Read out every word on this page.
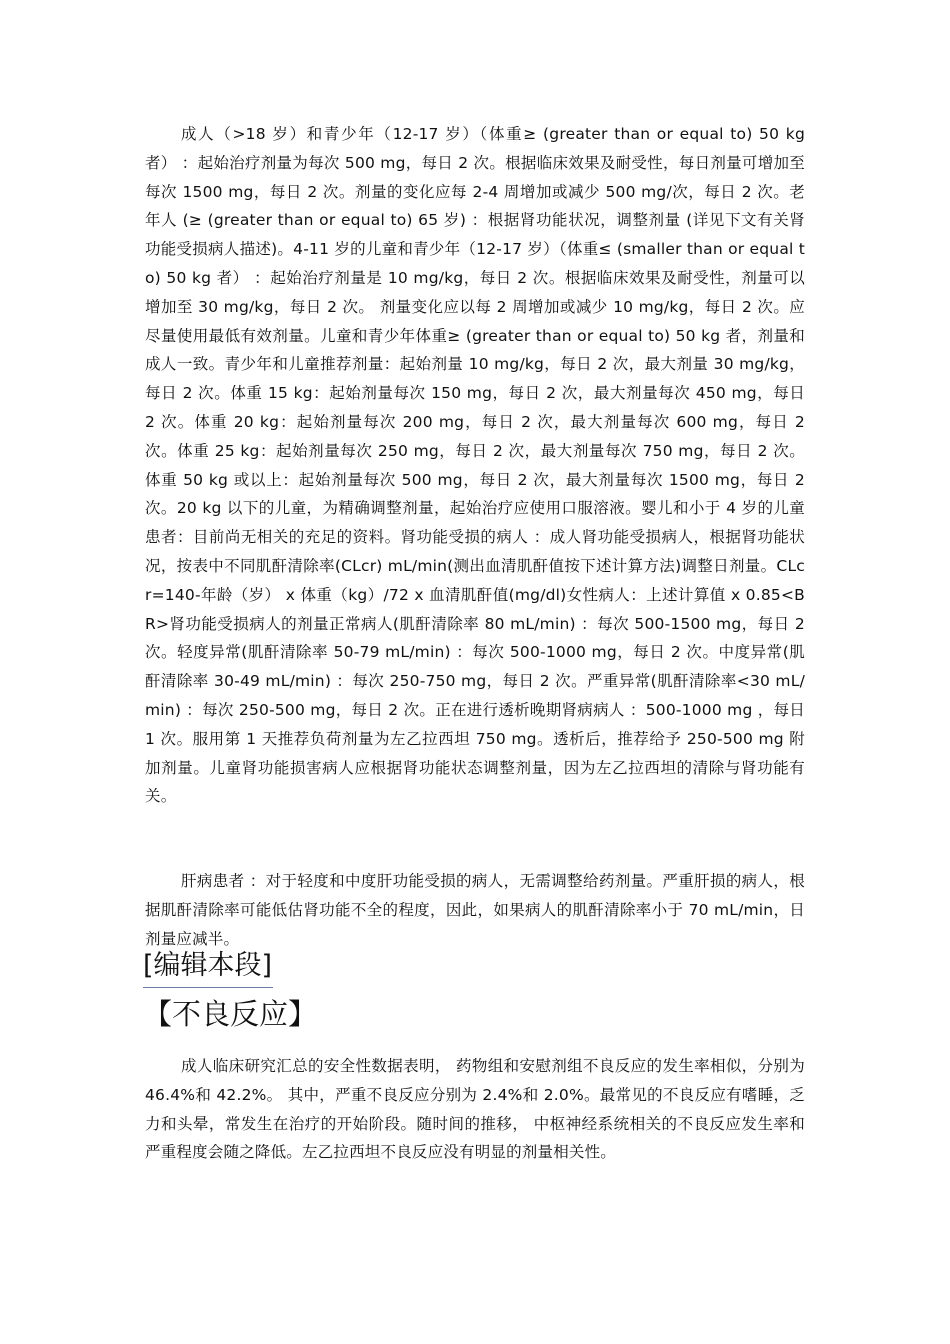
成人（>18 岁）和青少年（12-17 岁）（体重≥ (greater than or equal to) 50 kg 者） ：起始治疗剂量为每次 500 mg，每日 2 次。根据临床效果及耐受性，每日剂量可增加至每次 1500 mg，每日 2 次。剂量的变化应每 2-4 周增加或减少 500 mg/次，每日 2 次。老年人 (≥ (greater than or equal to) 65 岁) ：根据肾功能状况，调整剂量 (详见下文有关肾功能受损病人描述)。4-11 岁的儿童和青少年（12-17 岁）（体重≤ (smaller than or equal to) 50 kg 者） ：起始治疗剂量是 10 mg/kg，每日 2 次。根据临床效果及耐受性，剂量可以增加至 30 mg/kg，每日 2 次。 剂量变化应以每 2 周增加或减少 10 mg/kg，每日 2 次。应尽量使用最低有效剂量。儿童和青少年体重≥ (greater than or equal to) 50 kg 者，剂量和成人一致。青少年和儿童推荐剂量：起始剂量 10 mg/kg，每日 2 次，最大剂量 30 mg/kg，每日 2 次。体重 15 kg：起始剂量每次 150 mg，每日 2 次，最大剂量每次 450 mg，每日 2 次。体重 20 kg：起始剂量每次 200 mg，每日 2 次，最大剂量每次 600 mg，每日 2 次。体重 25 kg：起始剂量每次 250 mg，每日 2 次，最大剂量每次 750 mg，每日 2 次。体重 50 kg 或以上：起始剂量每次 500 mg，每日 2 次，最大剂量每次 1500 mg，每日 2 次。20 kg 以下的儿童，为精确调整剂量，起始治疗应使用口服溶液。婴儿和小于 4 岁的儿童患者：目前尚无相关的充足的资料。肾功能受损的病人 ：成人肾功能受损病人，根据肾功能状况，按表中不同肌酐清除率(CLcr) mL/min(测出血清肌酐值按下述计算方法)调整日剂量。CLcr=140-年龄（岁） x 体重（kg）/72 x 血清肌酐值(mg/dl)女性病人：上述计算值 x 0.85<BR>肾功能受损病人的剂量正常病人(肌酐清除率 80 mL/min) ：每次 500-1500 mg，每日 2 次。轻度异常(肌酐清除率 50-79 mL/min) ：每次 500-1000 mg，每日 2 次。中度异常(肌酐清除率 30-49 mL/min) ：每次 250-750 mg，每日 2 次。严重异常(肌酐清除率<30 mL/min) ：每次 250-500 mg，每日 2 次。正在进行透析晚期肾病病人 ：500-1000 mg ，每日 1 次。服用第 1 天推荐负荷剂量为左乙拉西坦 750 mg。透析后，推荐给予 250-500 mg 附加剂量。儿童肾功能损害病人应根据肾功能状态调整剂量，因为左乙拉西坦的清除与肾功能有关。

肝病患者 ：对于轻度和中度肝功能受损的病人，无需调整给药剂量。严重肝损的病人，根据肌酐清除率可能低估肾功能不全的程度，因此，如果病人的肌酐清除率小于 70 mL/min，日剂量应减半。

[编辑本段]
【不良反应】

成人临床研究汇总的安全性数据表明， 药物组和安慰剂组不良反应的发生率相似，分别为 46.4%和 42.2%。 其中，严重不良反应分别为 2.4%和 2.0%。最常见的不良反应有嗜睡，乏力和头晕，常发生在治疗的开始阶段。随时间的推移， 中枢神经系统相关的不良反应发生率和严重程度会随之降低。左乙拉西坦不良反应没有明显的剂量相关性。
